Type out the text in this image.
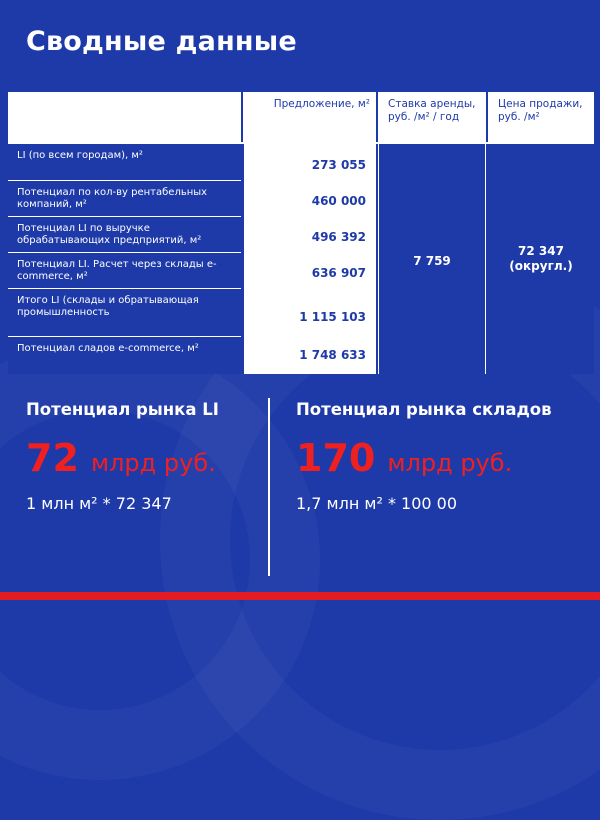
Сводные данные
Предложение, м²	Ставка аренды, руб. /м² / год
Цена продажи, руб. /м²
LI (по всем городам), м²
Потенциал по кол-ву рентабельных компаний, м²
Потенциал LI по выручке обрабатывающих предприятий, м²
Потенциал LI. Расчет через склады e-commerce, м²
Итого LI (склады и обратывающая промышленность
Потенциал сладов e-commerce, м²
273 055
460 000
496 392
636 907
1 115 103
1 748 633
7 759
72 347
(округл.)
Потенциал рынка LI
72 млрд руб.
1 млн м² * 72 347
Потенциал рынка складов
170 млрд руб.
1,7 млн м² * 100 00
